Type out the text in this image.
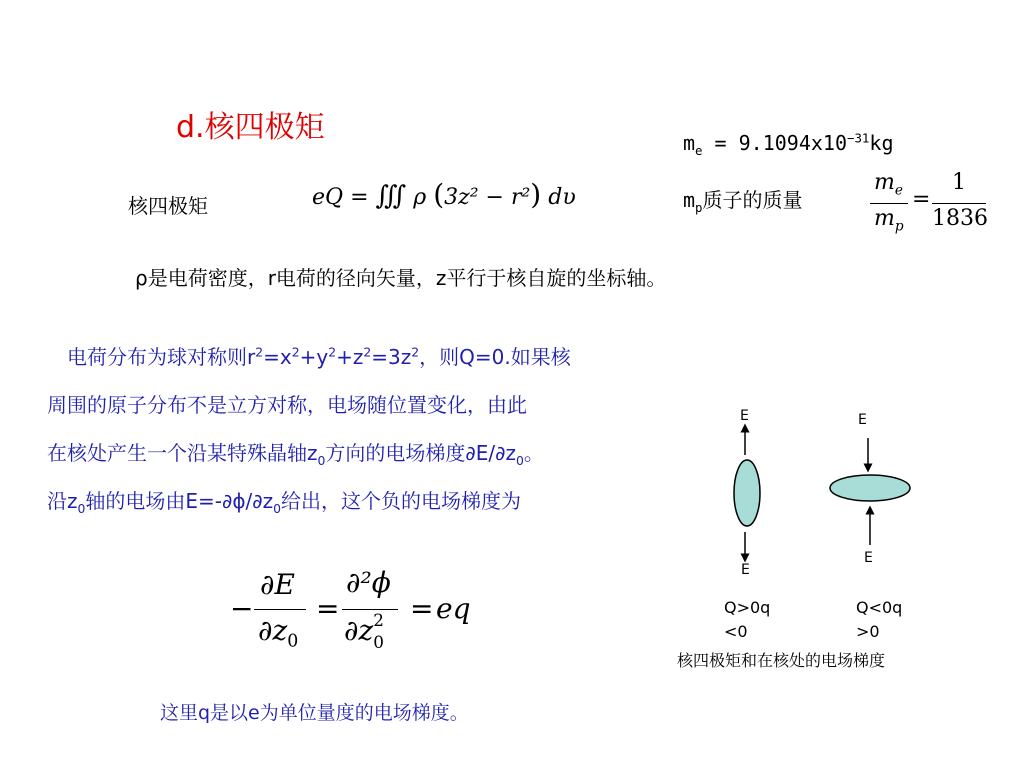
d.核四极矩
核四极矩	eQ = ∭ ρ (3z² − r²) dυ
$m_e = 9.1094x10^{-31}kg$
$m_p$质子的质量
$m_e$
$m_p$
=
1
1836
ρ是电荷密度，r电荷的径向矢量，z平行于核自旋的坐标轴。
　电荷分布为球对称则$r^2=x^2+y^2+z^2=3z^2$，则Q=0.如果核
周围的原子分布不是立方对称，电场随位置变化，由此
在核处产生一个沿某特殊晶轴$z_0$方向的电场梯度$\partial E/\partial z_0$。
沿$z_0$轴的电场由$E=-\partial\phi/\partial z_0$给出，这个负的电场梯度为
−
∂E
$\partial z_0$
=
∂²ϕ
∂z 2
0
= eq
这里q是以e为单位量度的电场梯度。
E
E
E
E
Q>0q
<0
Q<0q
>0
核四极矩和在核处的电场梯度
